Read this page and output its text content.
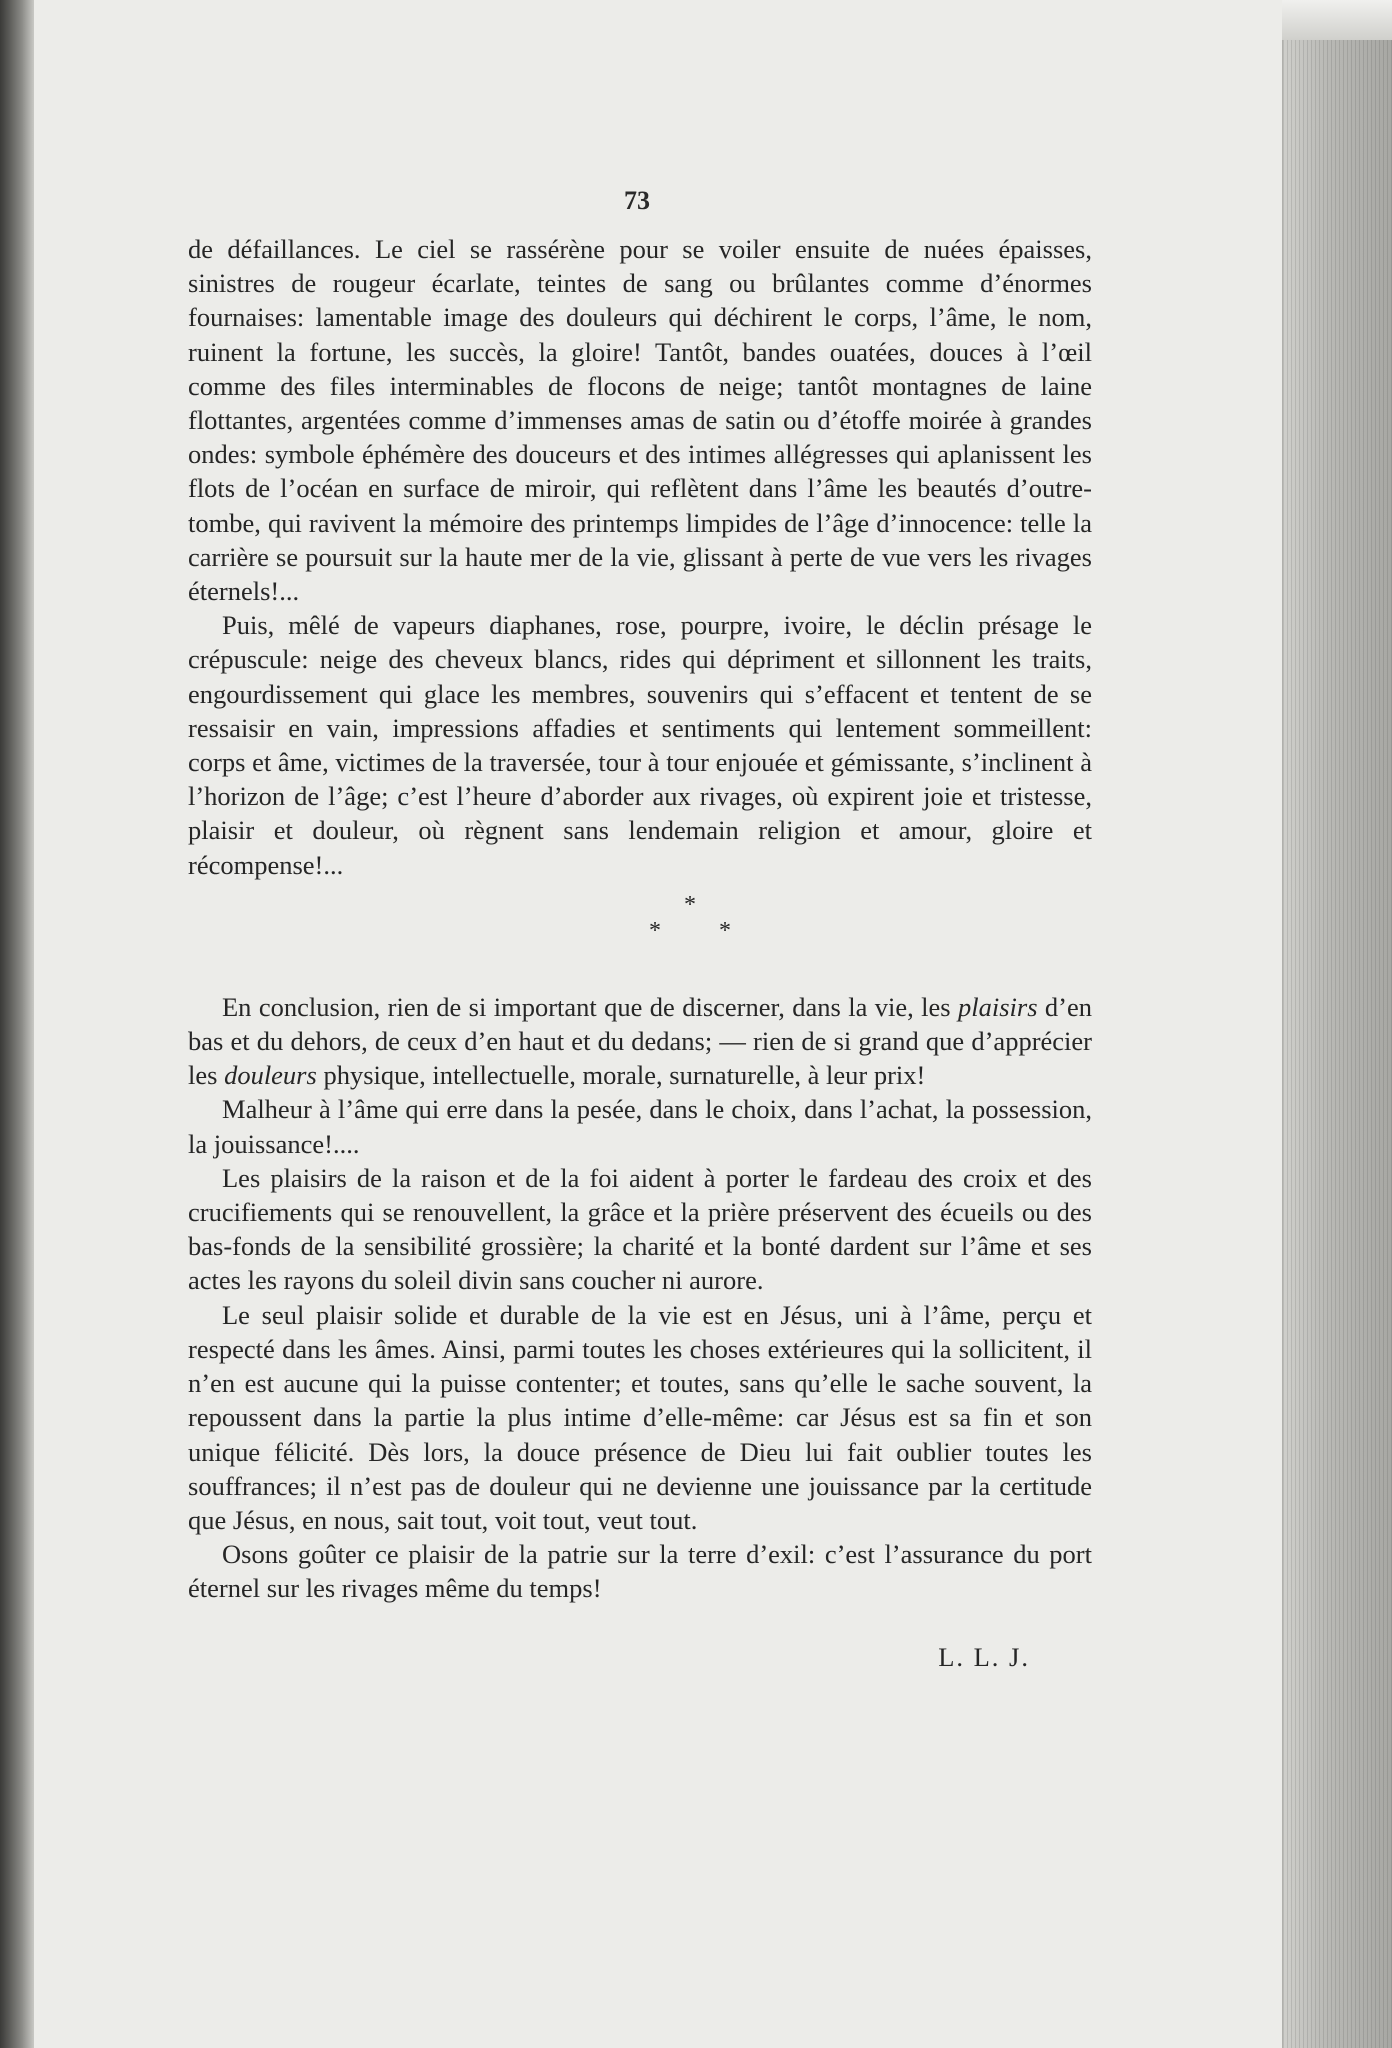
73

de défaillances. Le ciel se rassérène pour se voiler ensuite de nuées épaisses, sinistres de rougeur écarlate, teintes de sang ou brûlantes comme d’énormes fournaises: lamentable image des douleurs qui déchirent le corps, l’âme, le nom, ruinent la fortune, les succès, la gloire! Tantôt, bandes ouatées, douces à l’œil comme des files interminables de flocons de neige; tantôt montagnes de laine flottantes, argentées comme d’immenses amas de satin ou d’étoffe moirée à grandes ondes: symbole éphémère des douceurs et des intimes allégresses qui aplanissent les flots de l’océan en surface de miroir, qui reflètent dans l’âme les beautés d’outre-tombe, qui ravivent la mémoire des printemps limpides de l’âge d’innocence: telle la carrière se poursuit sur la haute mer de la vie, glissant à perte de vue vers les rivages éternels!...

Puis, mêlé de vapeurs diaphanes, rose, pourpre, ivoire, le déclin présage le crépuscule: neige des cheveux blancs, rides qui dépriment et sillonnent les traits, engourdissement qui glace les membres, souvenirs qui s’effacent et tentent de se ressaisir en vain, impressions affadies et sentiments qui lentement sommeillent: corps et âme, victimes de la traversée, tour à tour enjouée et gémissante, s’inclinent à l’horizon de l’âge; c’est l’heure d’aborder aux rivages, où expirent joie et tristesse, plaisir et douleur, où règnent sans lendemain religion et amour, gloire et récompense!...

*
* *

En conclusion, rien de si important que de discerner, dans la vie, les plaisirs d’en bas et du dehors, de ceux d’en haut et du dedans; — rien de si grand que d’apprécier les douleurs physique, intellectuelle, morale, surnaturelle, à leur prix!

Malheur à l’âme qui erre dans la pesée, dans le choix, dans l’achat, la possession, la jouissance!....

Les plaisirs de la raison et de la foi aident à porter le fardeau des croix et des crucifiements qui se renouvellent, la grâce et la prière préservent des écueils ou des bas-fonds de la sensibilité grossière; la charité et la bonté dardent sur l’âme et ses actes les rayons du soleil divin sans coucher ni aurore.

Le seul plaisir solide et durable de la vie est en Jésus, uni à l’âme, perçu et respecté dans les âmes. Ainsi, parmi toutes les choses extérieures qui la sollicitent, il n’en est aucune qui la puisse contenter; et toutes, sans qu’elle le sache souvent, la repoussent dans la partie la plus intime d’elle-même: car Jésus est sa fin et son unique félicité. Dès lors, la douce présence de Dieu lui fait oublier toutes les souffrances; il n’est pas de douleur qui ne devienne une jouissance par la certitude que Jésus, en nous, sait tout, voit tout, veut tout.

Osons goûter ce plaisir de la patrie sur la terre d’exil: c’est l’assurance du port éternel sur les rivages même du temps!

L. L. J.
